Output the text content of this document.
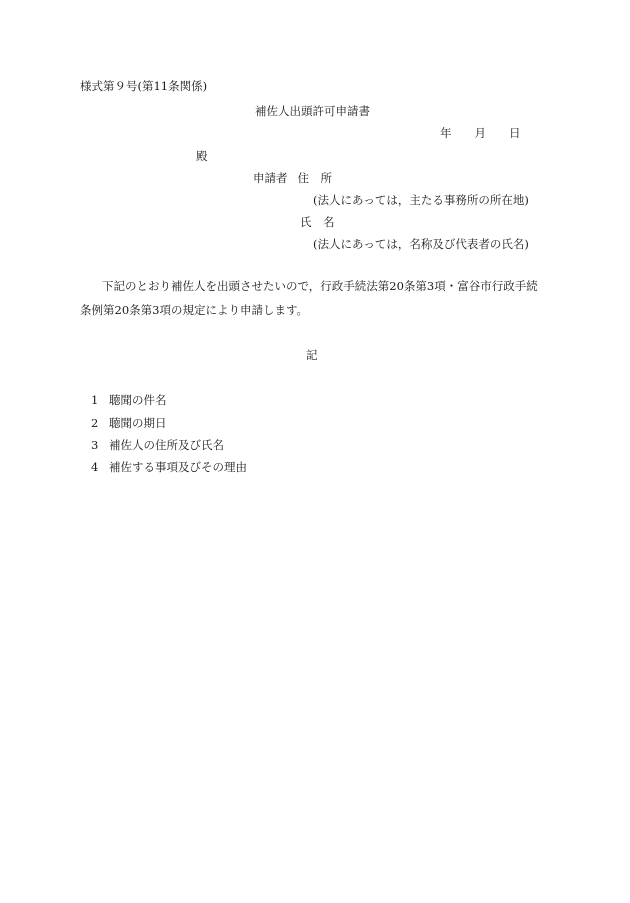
様式第９号(第11条関係)
補佐人出頭許可申請書
年 月 日
殿
申請者 住　所
(法人にあっては，主たる事務所の所在地)
氏　名
(法人にあっては，名称及び代表者の氏名)
下記のとおり補佐人を出頭させたいので，行政手続法第20条第3項・富谷市行政手続
条例第20条第3項の規定により申請します。
記
1 聴聞の件名
2 聴聞の期日
3 補佐人の住所及び氏名
4 補佐する事項及びその理由
